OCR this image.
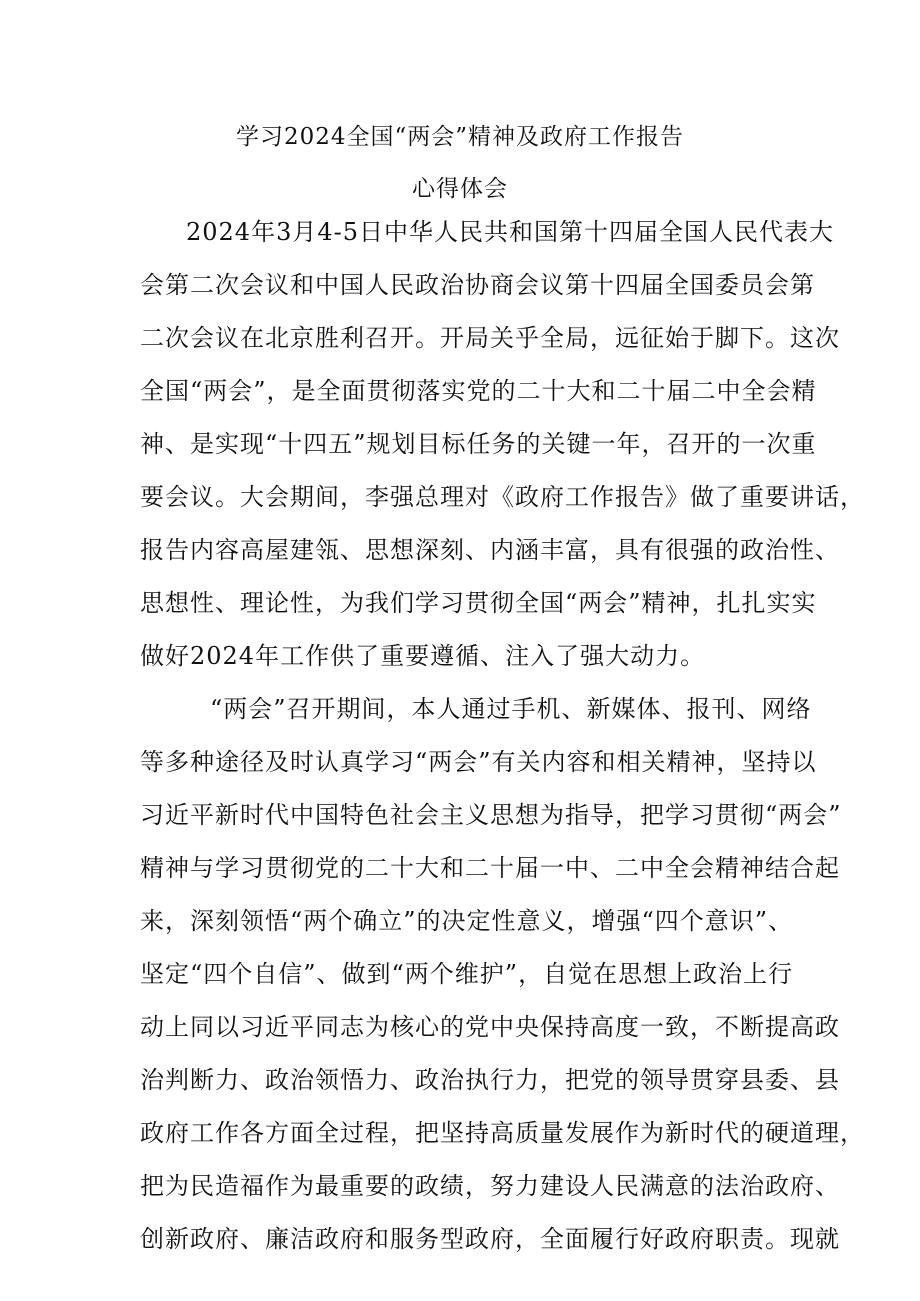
学习2024全国“两会”精神及政府工作报告
心得体会
2024年3月4-5日中华人民共和国第十四届全国人民代表大
会第二次会议和中国人民政治协商会议第十四届全国委员会第
二次会议在北京胜利召开。开局关乎全局，远征始于脚下。这次
全国“两会”，是全面贯彻落实党的二十大和二十届二中全会精
神、是实现“十四五”规划目标任务的关键一年，召开的一次重
要会议。大会期间，李强总理对《政府工作报告》做了重要讲话，
报告内容高屋建瓴、思想深刻、内涵丰富，具有很强的政治性、
思想性、理论性，为我们学习贯彻全国“两会”精神，扎扎实实
做好2024年工作供了重要遵循、注入了强大动力。
“两会”召开期间，本人通过手机、新媒体、报刊、网络
等多种途径及时认真学习“两会”有关内容和相关精神，坚持以
习近平新时代中国特色社会主义思想为指导，把学习贯彻“两会”
精神与学习贯彻党的二十大和二十届一中、二中全会精神结合起
来，深刻领悟“两个确立”的决定性意义，增强“四个意识”、
坚定“四个自信”、做到“两个维护”，自觉在思想上政治上行
动上同以习近平同志为核心的党中央保持高度一致，不断提高政
治判断力、政治领悟力、政治执行力，把党的领导贯穿县委、县
政府工作各方面全过程，把坚持高质量发展作为新时代的硬道理，
把为民造福作为最重要的政绩，努力建设人民满意的法治政府、
创新政府、廉洁政府和服务型政府，全面履行好政府职责。现就
